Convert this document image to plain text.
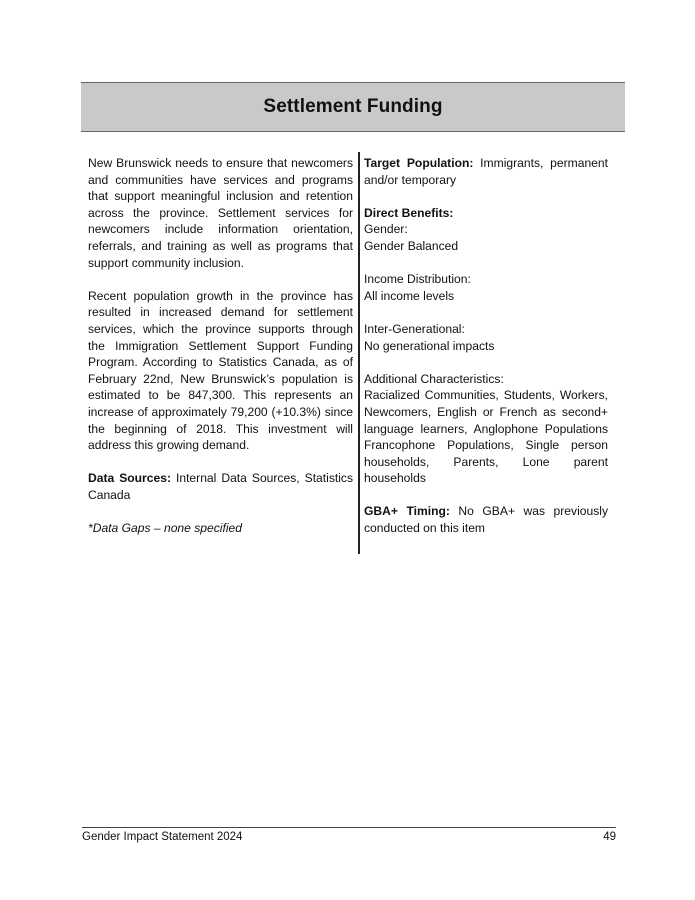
Settlement Funding

New Brunswick needs to ensure that newcomers and communities have services and programs that support meaningful inclusion and retention across the province. Settlement services for newcomers include information orientation, referrals, and training as well as programs that support community inclusion.

Recent population growth in the province has resulted in increased demand for settlement services, which the province supports through the Immigration Settlement Support Funding Program. According to Statistics Canada, as of February 22nd, New Brunswick’s population is estimated to be 847,300. This represents an increase of approximately 79,200 (+10.3%) since the beginning of 2018. This investment will address this growing demand.

Data Sources: Internal Data Sources, Statistics Canada

*Data Gaps – none specified

Target Population: Immigrants, permanent and/or temporary

Direct Benefits:

Gender:

Gender Balanced

Income Distribution:

All income levels

Inter-Generational:

No generational impacts

Additional Characteristics:

Racialized Communities, Students, Workers, Newcomers, English or French as second+ language learners, Anglophone Populations Francophone Populations, Single person households, Parents, Lone parent households

GBA+ Timing: No GBA+ was previously conducted on this item

Gender Impact Statement 2024	49
